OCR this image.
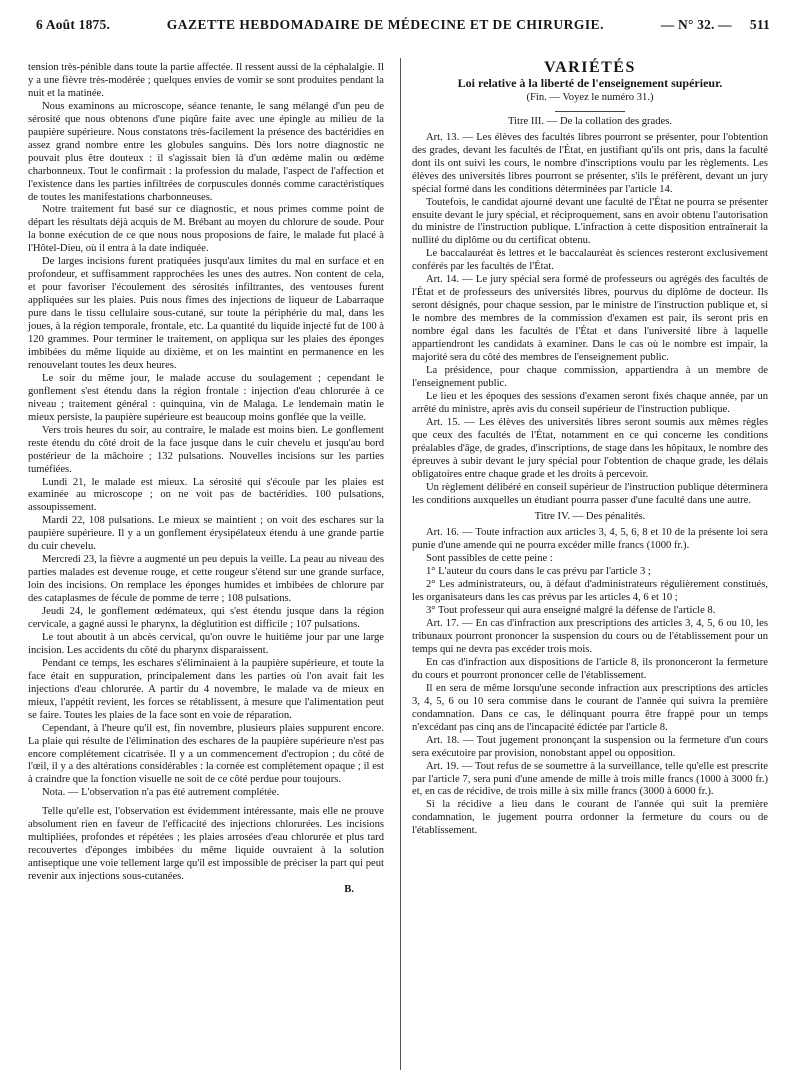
6 Août 1875.	GAZETTE HEBDOMADAIRE DE MÉDECINE ET DE CHIRURGIE.	— N° 32. — 511

tension très-pénible dans toute la partie affectée. Il ressent aussi de la céphalalgie. Il y a une fièvre très-modérée ; quelques envies de vomir se sont produites pendant la nuit et la matinée.

Nous examinons au microscope, séance tenante, le sang mélangé d'un peu de sérosité que nous obtenons d'une piqûre faite avec une épingle au milieu de la paupière supérieure. Nous constatons très-facilement la présence des bactéridies en assez grand nombre entre les globules sanguins. Dès lors notre diagnostic ne pouvait plus être douteux : il s'agissait bien là d'un œdème malin ou œdème charbonneux. Tout le confirmait : la profession du malade, l'aspect de l'affection et l'existence dans les parties infiltrées de corpuscules donnés comme caractéristiques de toutes les manifestations charbonneuses.

Notre traitement fut basé sur ce diagnostic, et nous primes comme point de départ les résultats déjà acquis de M. Brébant au moyen du chlorure de soude. Pour la bonne exécution de ce que nous nous proposions de faire, le malade fut placé à l'Hôtel-Dieu, où il entra à la date indiquée.

De larges incisions furent pratiquées jusqu'aux limites du mal en surface et en profondeur, et suffisamment rapprochées les unes des autres. Non content de cela, et pour favoriser l'écoulement des sérosités infiltrantes, des ventouses furent appliquées sur les plaies. Puis nous fîmes des injections de liqueur de Labarraque pure dans le tissu cellulaire sous-cutané, sur toute la périphérie du mal, dans les joues, à la région temporale, frontale, etc. La quantité du liquide injecté fut de 100 à 120 grammes. Pour terminer le traitement, on appliqua sur les plaies des éponges imbibées du même liquide au dixième, et on les maintint en permanence en les renouvelant toutes les deux heures.

Le soir du même jour, le malade accuse du soulagement ; cependant le gonflement s'est étendu dans la région frontale : injection d'eau chlorurée à ce niveau ; traitement général : quinquina, vin de Malaga. Le lendemain matin le mieux persiste, la paupière supérieure est beaucoup moins gonflée que la veille.

Vers trois heures du soir, au contraire, le malade est moins bien. Le gonflement reste étendu du côté droit de la face jusque dans le cuir chevelu et jusqu'au bord postérieur de la mâchoire ; 132 pulsations. Nouvelles incisions sur les parties tuméfiées.

Lundi 21, le malade est mieux. La sérosité qui s'écoule par les plaies est examinée au microscope ; on ne voit pas de bactéridies. 100 pulsations, assoupissement.

Mardi 22, 108 pulsations. Le mieux se maintient ; on voit des eschares sur la paupière supérieure. Il y a un gonflement érysipélateux étendu à une grande partie du cuir chevelu.

Mercredi 23, la fièvre a augmenté un peu depuis la veille. La peau au niveau des parties malades est devenue rouge, et cette rougeur s'étend sur une grande surface, loin des incisions. On remplace les éponges humides et imbibées de chlorure par des cataplasmes de fécule de pomme de terre ; 108 pulsations.

Jeudi 24, le gonflement œdémateux, qui s'est étendu jusque dans la région cervicale, a gagné aussi le pharynx, la déglutition est difficile ; 107 pulsations.

Le tout aboutit à un abcès cervical, qu'on ouvre le huitième jour par une large incision. Les accidents du côté du pharynx disparaissent.

Pendant ce temps, les eschares s'éliminaient à la paupière supérieure, et toute la face était en suppuration, principalement dans les parties où l'on avait fait les injections d'eau chlorurée. A partir du 4 novembre, le malade va de mieux en mieux, l'appétit revient, les forces se rétablissent, à mesure que l'alimentation peut se faire. Toutes les plaies de la face sont en voie de réparation.

Cependant, à l'heure qu'il est, fin novembre, plusieurs plaies suppurent encore. La plaie qui résulte de l'élimination des eschares de la paupière supérieure n'est pas encore complétement cicatrisée. Il y a un commencement d'ectropion ; du côté de l'œil, il y a des altérations considérables : la cornée est complétement opaque ; il est à craindre que la fonction visuelle ne soit de ce côté perdue pour toujours.

Nota. — L'observation n'a pas été autrement complétée.

Telle qu'elle est, l'observation est évidemment intéressante, mais elle ne prouve absolument rien en faveur de l'efficacité des injections chlorurées. Les incisions multipliées, profondes et répétées ; les plaies arrosées d'eau chlorurée et plus tard recouvertes d'éponges imbibées du même liquide ouvraient à la solution antiseptique une voie tellement large qu'il est impossible de préciser la part qui peut revenir aux injections sous-cutanées.

B.
VARIÉTÉS
Loi relative à la liberté de l'enseignement supérieur.
(Fin. — Voyez le numéro 31.)

Titre III. — De la collation des grades.

Art. 13. — Les élèves des facultés libres pourront se présenter, pour l'obtention des grades, devant les facultés de l'État, en justifiant qu'ils ont pris, dans la faculté dont ils ont suivi les cours, le nombre d'inscriptions voulu par les règlements. Les élèves des universités libres pourront se présenter, s'ils le préfèrent, devant un jury spécial formé dans les conditions déterminées par l'article 14.

Toutefois, le candidat ajourné devant une faculté de l'État ne pourra se présenter ensuite devant le jury spécial, et réciproquement, sans en avoir obtenu l'autorisation du ministre de l'instruction publique. L'infraction à cette disposition entraînerait la nullité du diplôme ou du certificat obtenu.

Le baccalauréat ès lettres et le baccalauréat ès sciences resteront exclusivement conférés par les facultés de l'État.

Art. 14. — Le jury spécial sera formé de professeurs ou agrégés des facultés de l'État et de professeurs des universités libres, pourvus du diplôme de docteur. Ils seront désignés, pour chaque session, par le ministre de l'instruction publique et, si le nombre des membres de la commission d'examen est pair, ils seront pris en nombre égal dans les facultés de l'État et dans l'université libre à laquelle appartiendront les candidats à examiner. Dans le cas où le nombre est impair, la majorité sera du côté des membres de l'enseignement public.

La présidence, pour chaque commission, appartiendra à un membre de l'enseignement public.

Le lieu et les époques des sessions d'examen seront fixés chaque année, par un arrêté du ministre, après avis du conseil supérieur de l'instruction publique.

Art. 15. — Les élèves des universités libres seront soumis aux mêmes règles que ceux des facultés de l'État, notamment en ce qui concerne les conditions préalables d'âge, de grades, d'inscriptions, de stage dans les hôpitaux, le nombre des épreuves à subir devant le jury spécial pour l'obtention de chaque grade, les délais obligatoires entre chaque grade et les droits à percevoir.

Un règlement délibéré en conseil supérieur de l'instruction publique déterminera les conditions auxquelles un étudiant pourra passer d'une faculté dans une autre.

Titre IV. — Des pénalités.

Art. 16. — Toute infraction aux articles 3, 4, 5, 6, 8 et 10 de la présente loi sera punie d'une amende qui ne pourra excéder mille francs (1000 fr.).

Sont passibles de cette peine :

1° L'auteur du cours dans le cas prévu par l'article 3 ;

2° Les administrateurs, ou, à défaut d'administrateurs régulièrement constitués, les organisateurs dans les cas prévus par les articles 4, 6 et 10 ;

3° Tout professeur qui aura enseigné malgré la défense de l'article 8.

Art. 17. — En cas d'infraction aux prescriptions des articles 3, 4, 5, 6 ou 10, les tribunaux pourront prononcer la suspension du cours ou de l'établissement pour un temps qui ne devra pas excéder trois mois.

En cas d'infraction aux dispositions de l'article 8, ils prononceront la fermeture du cours et pourront prononcer celle de l'établissement.

Il en sera de même lorsqu'une seconde infraction aux prescriptions des articles 3, 4, 5, 6 ou 10 sera commise dans le courant de l'année qui suivra la première condamnation. Dans ce cas, le délinquant pourra être frappé pour un temps n'excédant pas cinq ans de l'incapacité édictée par l'article 8.

Art. 18. — Tout jugement prononçant la suspension ou la fermeture d'un cours sera exécutoire par provision, nonobstant appel ou opposition.

Art. 19. — Tout refus de se soumettre à la surveillance, telle qu'elle est prescrite par l'article 7, sera puni d'une amende de mille à trois mille francs (1000 à 3000 fr.) et, en cas de récidive, de trois mille à six mille francs (3000 à 6000 fr.).

Si la récidive a lieu dans le courant de l'année qui suit la première condamnation, le jugement pourra ordonner la fermeture du cours ou de l'établissement.
